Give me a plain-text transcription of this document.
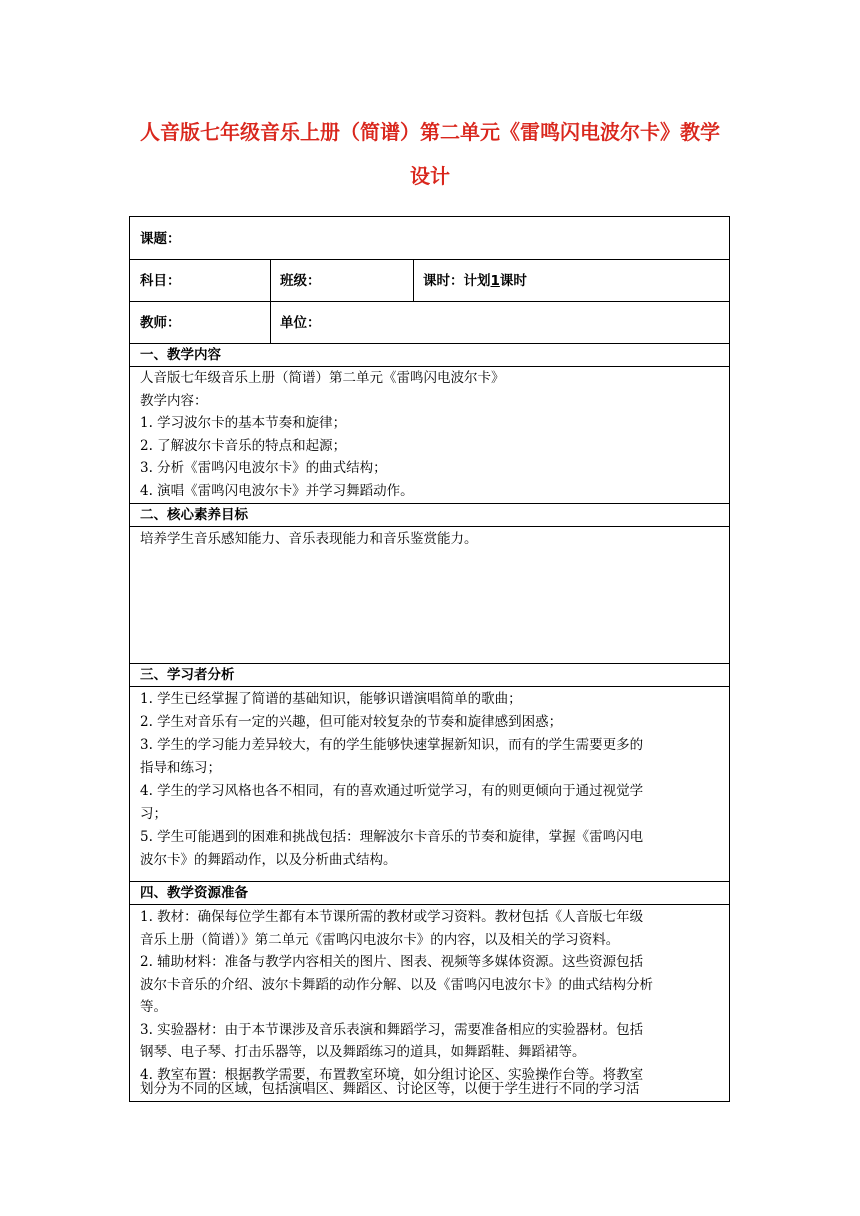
人音版七年级音乐上册（简谱）第二单元《雷鸣闪电波尔卡》教学
设计
课题：
科目：	班级：	课时：计划1课时
教师：	单位：
一、教学内容
人音版七年级音乐上册（简谱）第二单元《雷鸣闪电波尔卡》
教学内容：
1. 学习波尔卡的基本节奏和旋律；
2. 了解波尔卡音乐的特点和起源；
3. 分析《雷鸣闪电波尔卡》的曲式结构；
4. 演唱《雷鸣闪电波尔卡》并学习舞蹈动作。
二、核心素养目标
培养学生音乐感知能力、音乐表现能力和音乐鉴赏能力。
三、学习者分析
1. 学生已经掌握了简谱的基础知识，能够识谱演唱简单的歌曲；
2. 学生对音乐有一定的兴趣，但可能对较复杂的节奏和旋律感到困惑；
3. 学生的学习能力差异较大，有的学生能够快速掌握新知识，而有的学生需要更多的
指导和练习；
4. 学生的学习风格也各不相同，有的喜欢通过听觉学习，有的则更倾向于通过视觉学
习；
5. 学生可能遇到的困难和挑战包括：理解波尔卡音乐的节奏和旋律，掌握《雷鸣闪电
波尔卡》的舞蹈动作，以及分析曲式结构。
四、教学资源准备
1. 教材：确保每位学生都有本节课所需的教材或学习资料。教材包括《人音版七年级
音乐上册（简谱）》第二单元《雷鸣闪电波尔卡》的内容，以及相关的学习资料。
2. 辅助材料：准备与教学内容相关的图片、图表、视频等多媒体资源。这些资源包括
波尔卡音乐的介绍、波尔卡舞蹈的动作分解、以及《雷鸣闪电波尔卡》的曲式结构分析
等。
3. 实验器材：由于本节课涉及音乐表演和舞蹈学习，需要准备相应的实验器材。包括
钢琴、电子琴、打击乐器等，以及舞蹈练习的道具，如舞蹈鞋、舞蹈裙等。
4. 教室布置：根据教学需要，布置教室环境，如分组讨论区、实验操作台等。将教室
划分为不同的区域，包括演唱区、舞蹈区、讨论区等，以便于学生进行不同的学习活
